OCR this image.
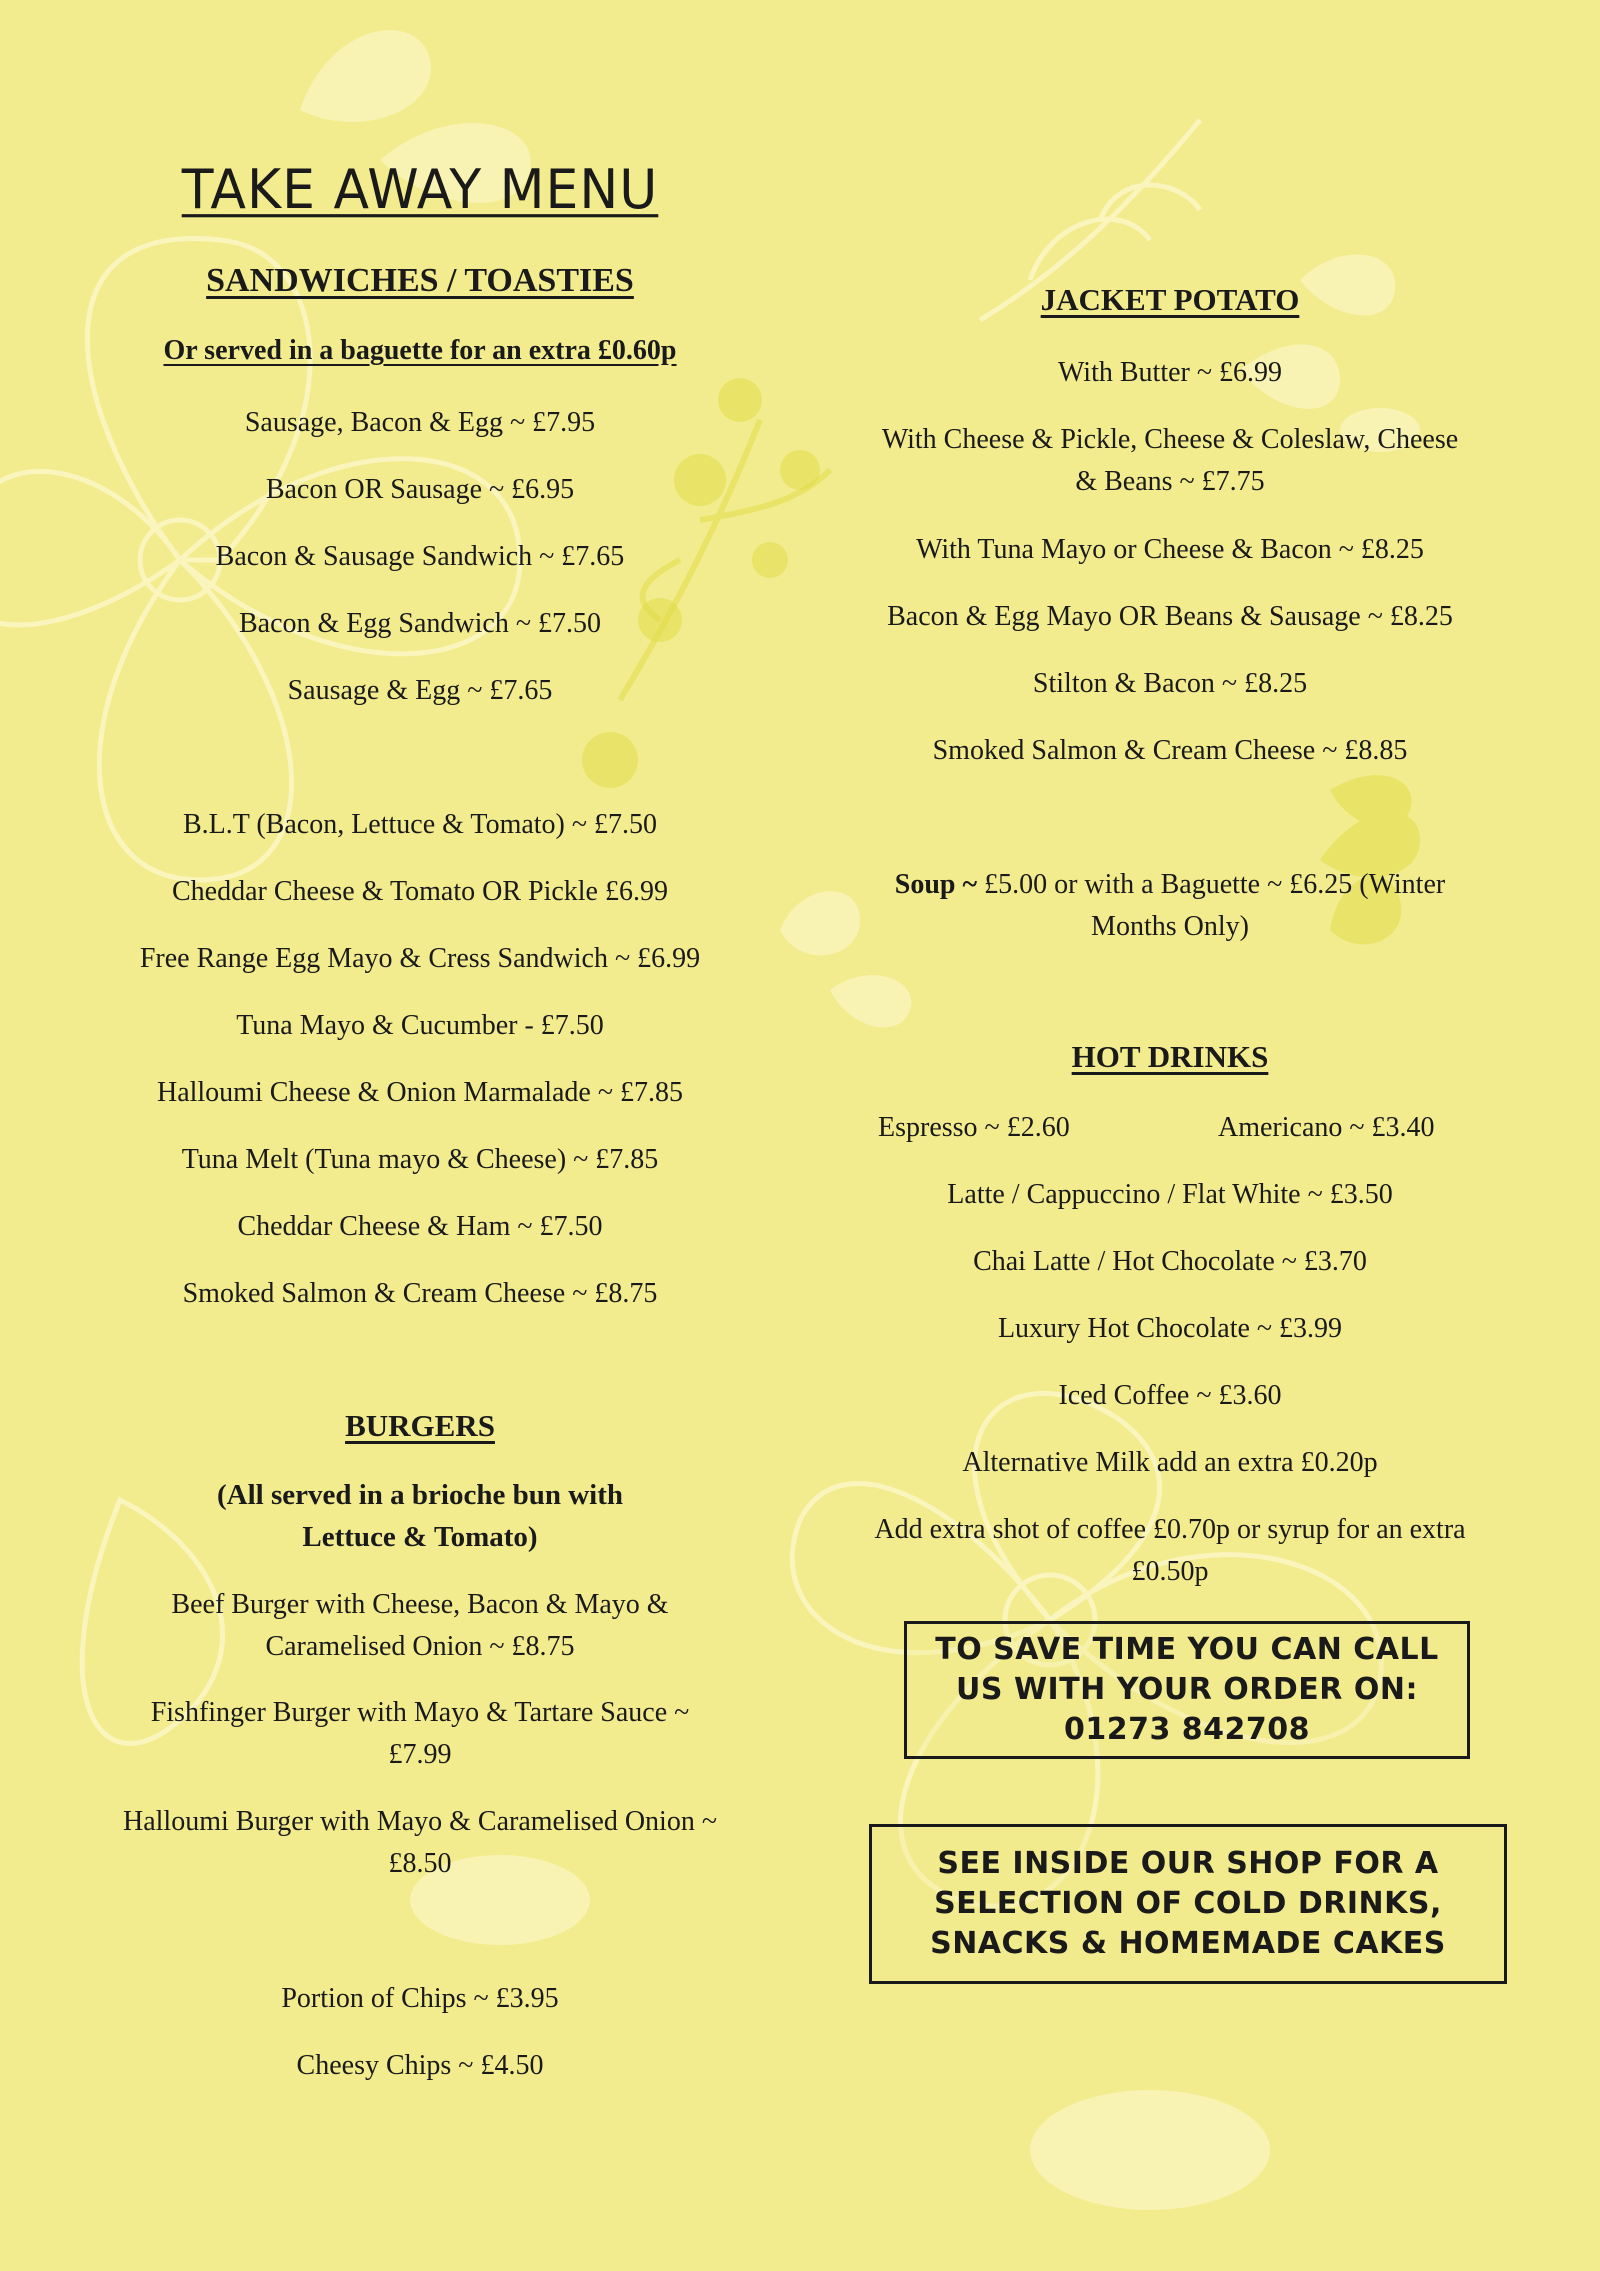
TAKE AWAY MENU
SANDWICHES / TOASTIES
Or served in a baguette for an extra £0.60p
Sausage, Bacon & Egg ~ £7.95
Bacon OR Sausage ~ £6.95
Bacon & Sausage Sandwich ~ £7.65
Bacon & Egg Sandwich ~ £7.50
Sausage & Egg ~ £7.65
B.L.T (Bacon, Lettuce & Tomato) ~ £7.50
Cheddar Cheese & Tomato OR Pickle £6.99
Free Range Egg Mayo & Cress Sandwich ~ £6.99
Tuna Mayo & Cucumber - £7.50
Halloumi Cheese & Onion Marmalade ~ £7.85
Tuna Melt (Tuna mayo & Cheese) ~ £7.85
Cheddar Cheese & Ham ~ £7.50
Smoked Salmon & Cream Cheese ~ £8.75
BURGERS
(All served in a brioche bun with
Lettuce & Tomato)
Beef Burger with Cheese, Bacon & Mayo &
Caramelised Onion ~ £8.75
Fishfinger Burger with Mayo & Tartare Sauce ~
£7.99
Halloumi Burger with Mayo & Caramelised Onion ~
£8.50
Portion of Chips ~ £3.95
Cheesy Chips ~ £4.50
JACKET POTATO
With Butter ~ £6.99
With Cheese & Pickle, Cheese & Coleslaw, Cheese
& Beans ~ £7.75
With Tuna Mayo or Cheese & Bacon ~ £8.25
Bacon & Egg Mayo OR Beans & Sausage ~ £8.25
Stilton & Bacon ~ £8.25
Smoked Salmon & Cream Cheese ~ £8.85
Soup ~ £5.00 or with a Baguette ~ £6.25 (Winter
Months Only)
HOT DRINKS
Espresso ~ £2.60	Americano ~ £3.40
Latte / Cappuccino / Flat White ~ £3.50
Chai Latte / Hot Chocolate ~ £3.70
Luxury Hot Chocolate ~ £3.99
Iced Coffee ~ £3.60
Alternative Milk add an extra £0.20p
Add extra shot of coffee £0.70p or syrup for an extra
£0.50p
TO SAVE TIME YOU CAN CALL
US WITH YOUR ORDER ON:
01273 842708
SEE INSIDE OUR SHOP FOR A
SELECTION OF COLD DRINKS,
SNACKS & HOMEMADE CAKES
